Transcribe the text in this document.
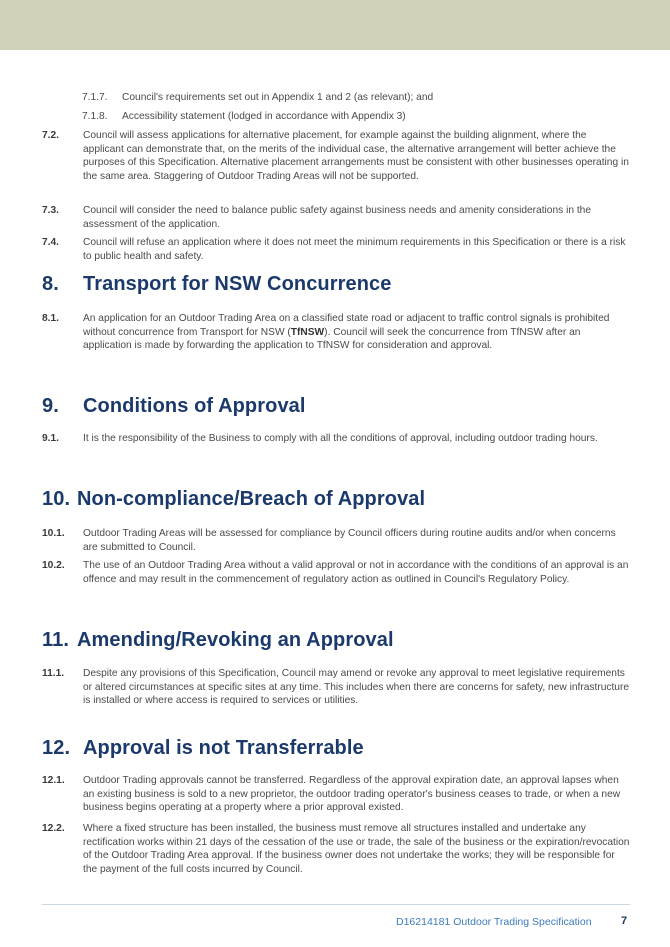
7.1.7. Council's requirements set out in Appendix 1 and 2 (as relevant); and
7.1.8. Accessibility statement (lodged in accordance with Appendix 3)
7.2. Council will assess applications for alternative placement, for example against the building alignment, where the applicant can demonstrate that, on the merits of the individual case, the alternative arrangement will better achieve the purposes of this Specification. Alternative placement arrangements must be consistent with other businesses operating in the same area. Staggering of Outdoor Trading Areas will not be supported.
7.3. Council will consider the need to balance public safety against business needs and amenity considerations in the assessment of the application.
7.4. Council will refuse an application where it does not meet the minimum requirements in this Specification or there is a risk to public health and safety.
8. Transport for NSW Concurrence
8.1. An application for an Outdoor Trading Area on a classified state road or adjacent to traffic control signals is prohibited without concurrence from Transport for NSW (TfNSW). Council will seek the concurrence from TfNSW after an application is made by forwarding the application to TfNSW for consideration and approval.
9. Conditions of Approval
9.1. It is the responsibility of the Business to comply with all the conditions of approval, including outdoor trading hours.
10. Non-compliance/Breach of Approval
10.1. Outdoor Trading Areas will be assessed for compliance by Council officers during routine audits and/or when concerns are submitted to Council.
10.2. The use of an Outdoor Trading Area without a valid approval or not in accordance with the conditions of an approval is an offence and may result in the commencement of regulatory action as outlined in Council's Regulatory Policy.
11. Amending/Revoking an Approval
11.1. Despite any provisions of this Specification, Council may amend or revoke any approval to meet legislative requirements or altered circumstances at specific sites at any time. This includes when there are concerns for safety, new infrastructure is installed or where access is required to services or utilities.
12. Approval is not Transferrable
12.1. Outdoor Trading approvals cannot be transferred. Regardless of the approval expiration date, an approval lapses when an existing business is sold to a new proprietor, the outdoor trading operator's business ceases to trade, or when a new business begins operating at a property where a prior approval existed.
12.2. Where a fixed structure has been installed, the business must remove all structures installed and undertake any rectification works within 21 days of the cessation of the use or trade, the sale of the business or the expiration/revocation of the Outdoor Trading Area approval. If the business owner does not undertake the works; they will be responsible for the payment of the full costs incurred by Council.
D16214181 Outdoor Trading Specification	7
